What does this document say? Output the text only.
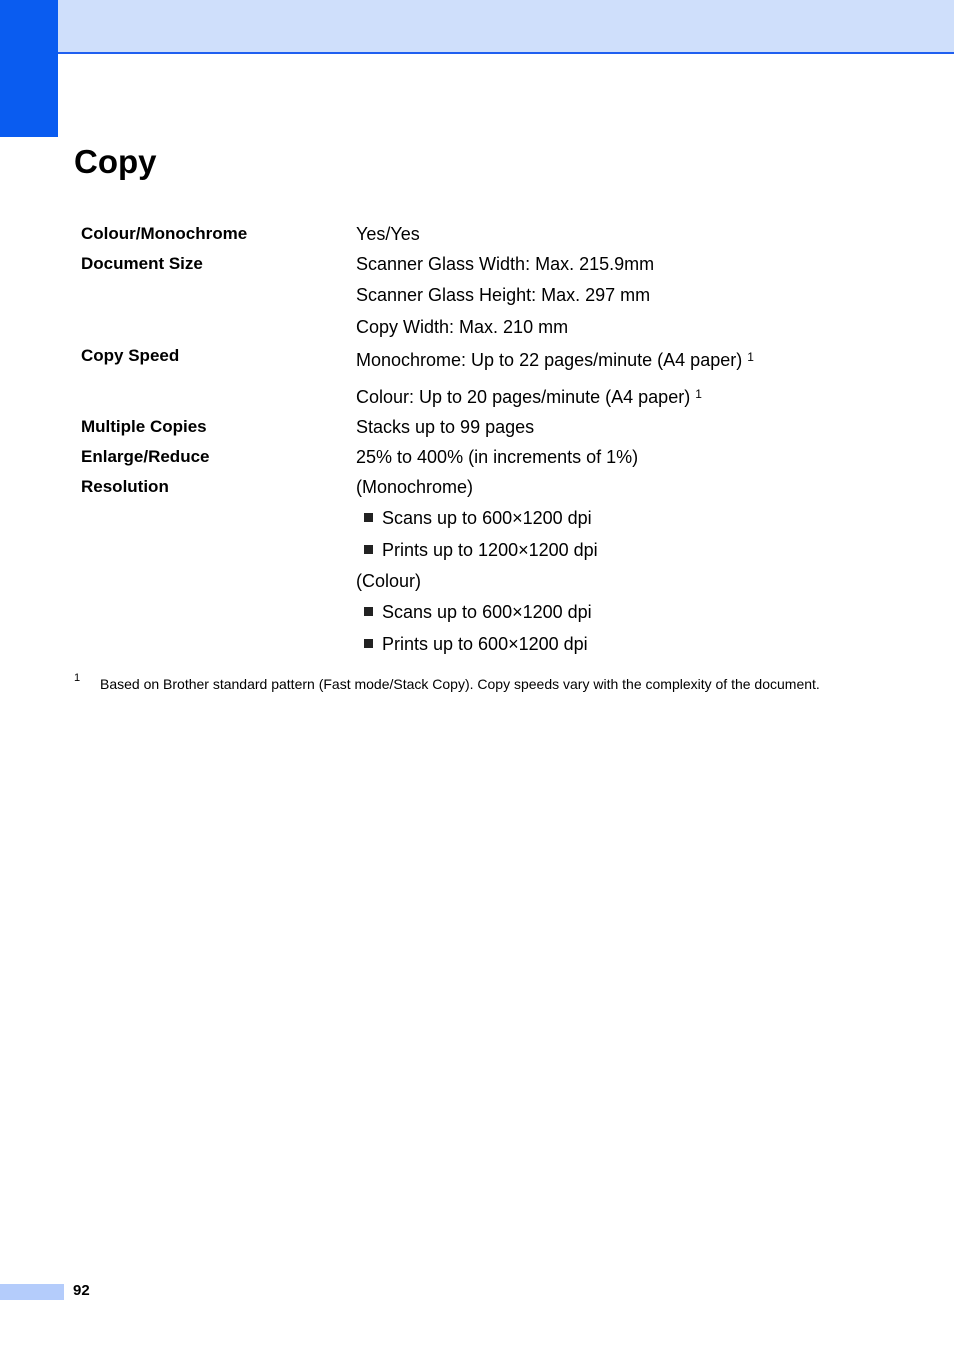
Copy
Colour/Monochrome	Yes/Yes
Document Size	Scanner Glass Width: Max. 215.9mm
Scanner Glass Height: Max. 297 mm
Copy Width: Max. 210 mm
Copy Speed	Monochrome: Up to 22 pages/minute (A4 paper) $^1$
Colour: Up to 20 pages/minute (A4 paper) $^1$
Multiple Copies	Stacks up to 99 pages
Enlarge/Reduce	25% to 400% (in increments of 1%)
Resolution	(Monochrome)
Scans up to 600×1200 dpi
Prints up to 1200×1200 dpi
(Colour)
Scans up to 600×1200 dpi
Prints up to 600×1200 dpi
1 Based on Brother standard pattern (Fast mode/Stack Copy). Copy speeds vary with the complexity of the document.
92
